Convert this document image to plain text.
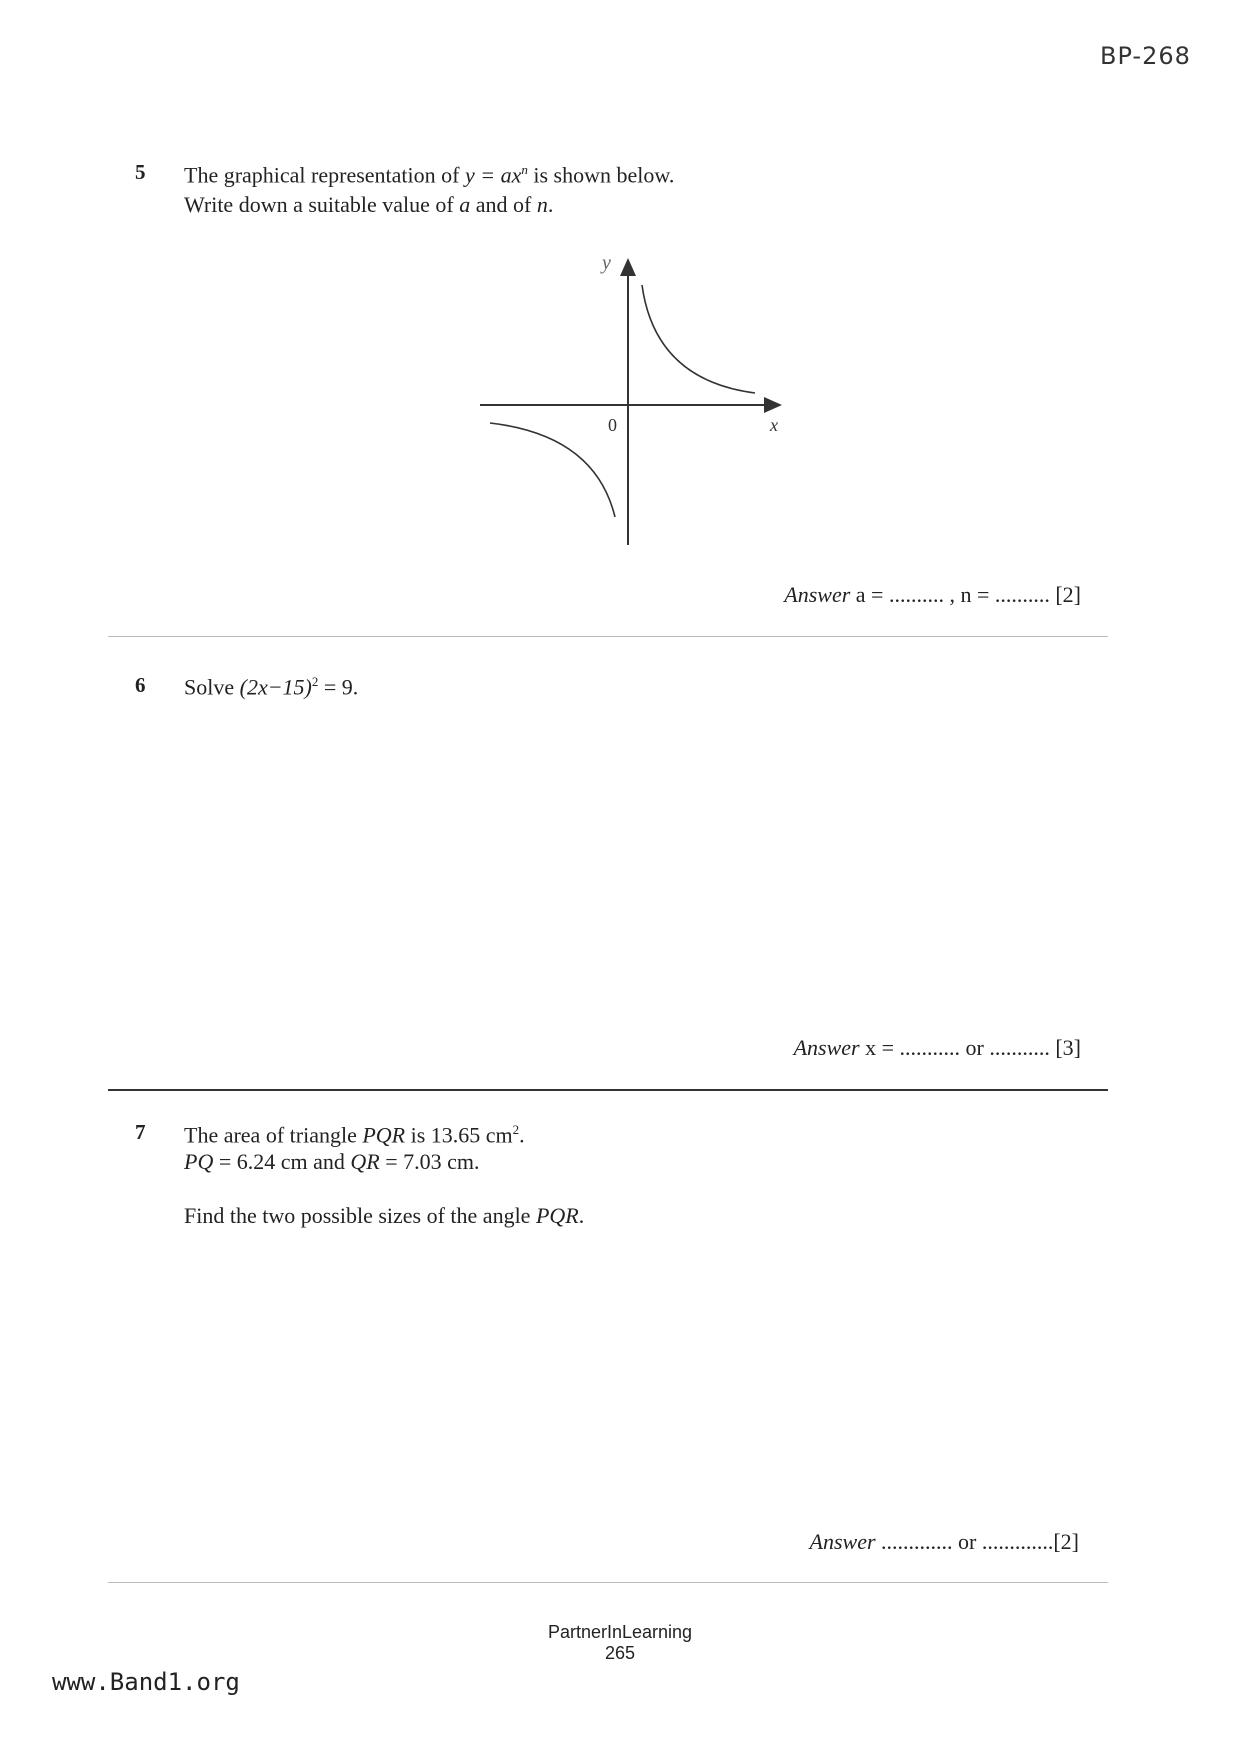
BP-268
5 The graphical representation of $y = ax^n$ is shown below.
Write down a suitable value of a and of n.
y
x
0
Answer a = .......... , n = .......... [2]
6 Solve $(2x-15)^2 = 9$.
Answer x = ........... or ........... [3]
7 The area of triangle PQR is 13.65 $cm^2$.
PQ = 6.24 cm and QR = 7.03 cm.
Find the two possible sizes of the angle PQR.
Answer ............. or .............[2]
PartnerInLearning
265
www.Band1.org
